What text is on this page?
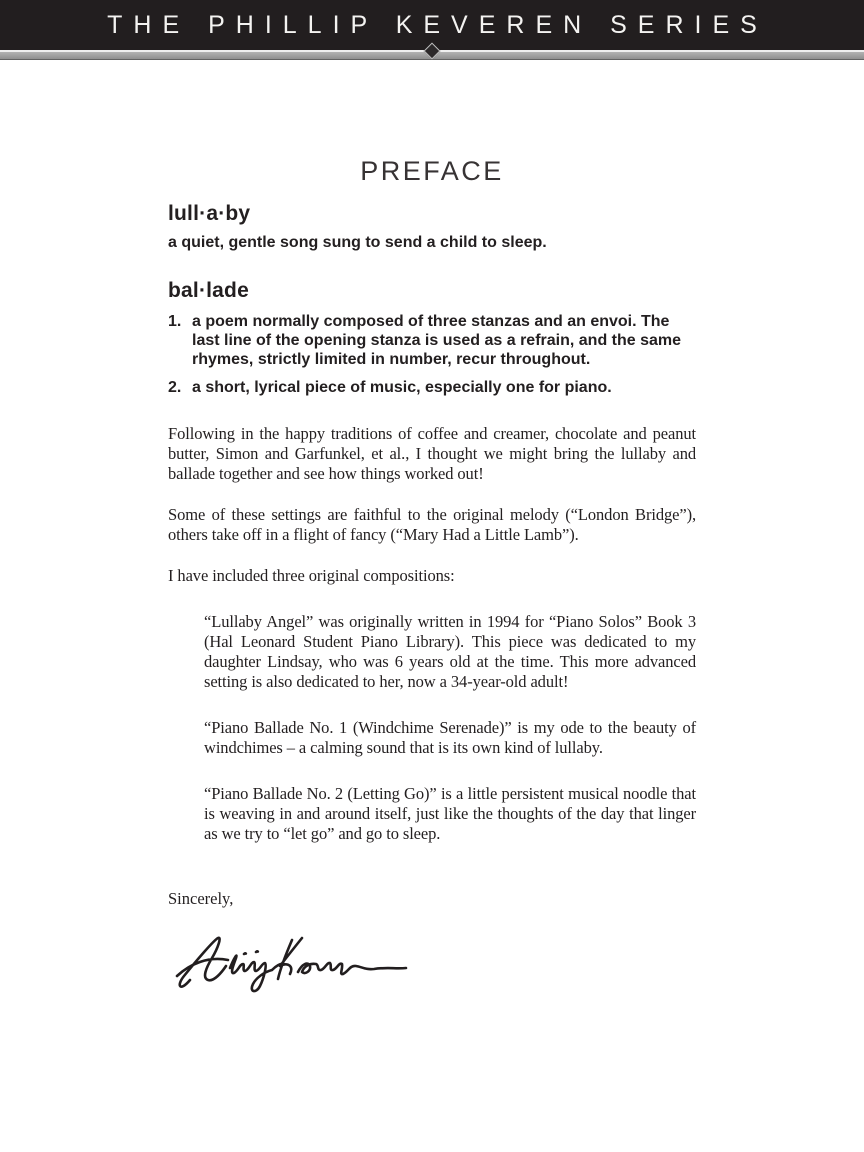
THE PHILLIP KEVEREN SERIES
PREFACE
lull·a·by
a quiet, gentle song sung to send a child to sleep.
bal·lade
1. a poem normally composed of three stanzas and an envoi. The last line of the opening stanza is used as a refrain, and the same rhymes, strictly limited in number, recur throughout.
2. a short, lyrical piece of music, especially one for piano.

Following in the happy traditions of coffee and creamer, chocolate and peanut butter, Simon and Garfunkel, et al., I thought we might bring the lullaby and ballade together and see how things worked out!

Some of these settings are faithful to the original melody (“London Bridge”), others take off in a flight of fancy (“Mary Had a Little Lamb”).

I have included three original compositions:

“Lullaby Angel” was originally written in 1994 for “Piano Solos” Book 3 (Hal Leonard Student Piano Library). This piece was dedicated to my daughter Lindsay, who was 6 years old at the time. This more advanced setting is also dedicated to her, now a 34-year-old adult!

“Piano Ballade No. 1 (Windchime Serenade)” is my ode to the beauty of windchimes – a calming sound that is its own kind of lullaby.

“Piano Ballade No. 2 (Letting Go)” is a little persistent musical noodle that is weaving in and around itself, just like the thoughts of the day that linger as we try to “let go” and go to sleep.

Sincerely,
